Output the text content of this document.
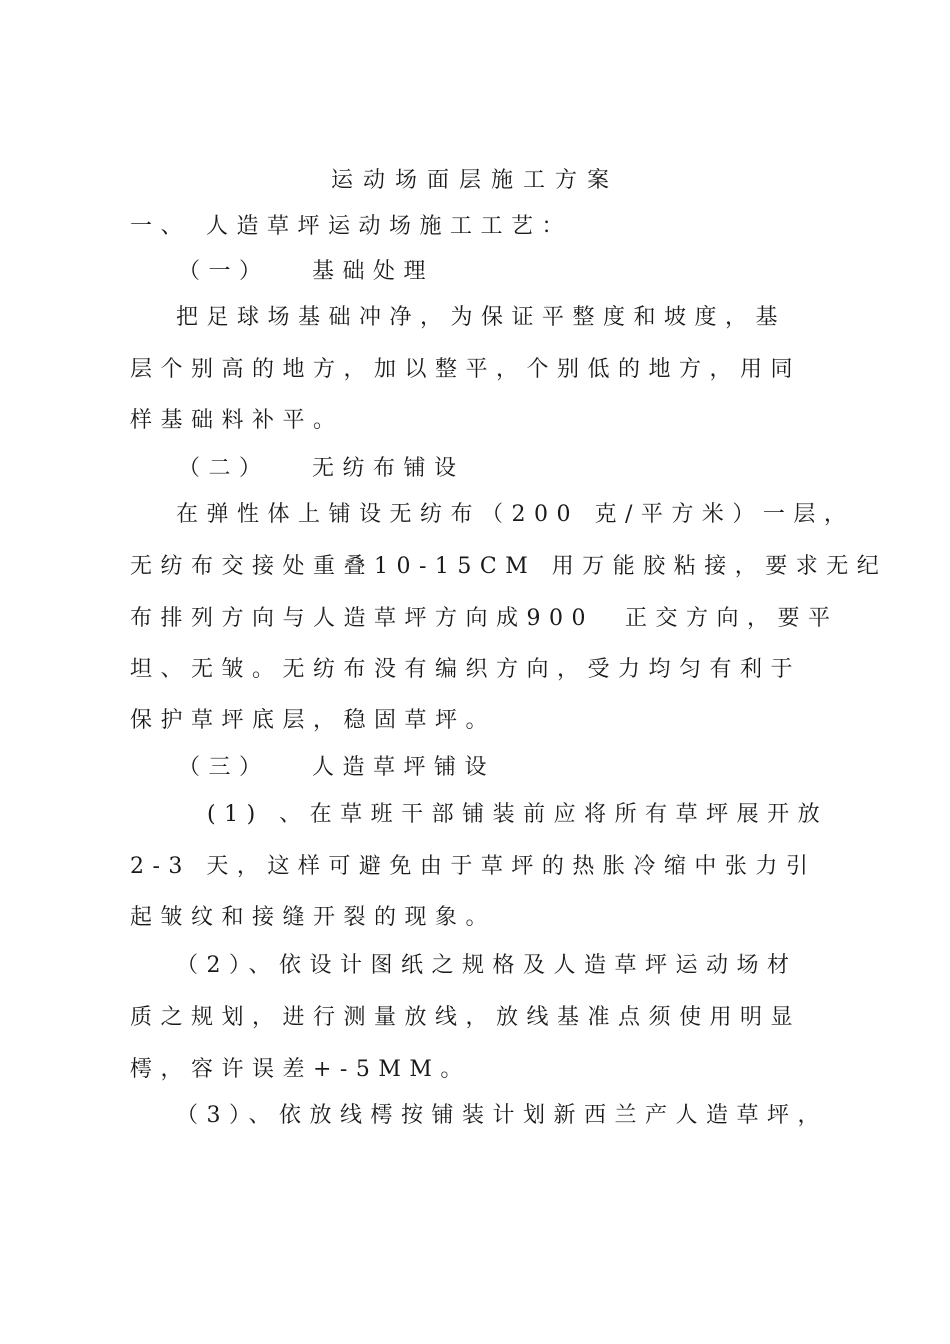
运动场面层施工方案
一、 人造草坪运动场施工工艺：
（一） 基础处理
把足球场基础冲净，为保证平整度和坡度，基
层个别高的地方，加以整平，个别低的地方，用同
样基础料补平。
（二） 无纺布铺设
在弹性体上铺设无纺布（200 克/平方米）一层，
无纺布交接处重叠10-15CM 用万能胶粘接，要求无纪
布排列方向与人造草坪方向成900  正交方向，要平
坦、无皱。无纺布没有编织方向，受力均匀有利于
保护草坪底层，稳固草坪。
（三） 人造草坪铺设
(1) 、在草班干部铺装前应将所有草坪展开放
2-3 天，这样可避免由于草坪的热胀冷缩中张力引
起皱纹和接缝开裂的现象。
（2）、依设计图纸之规格及人造草坪运动场材
质之规划，进行测量放线，放线基准点须使用明显
樗，容许误差+-5MM。
（3）、依放线樗按铺装计划新西兰产人造草坪，
